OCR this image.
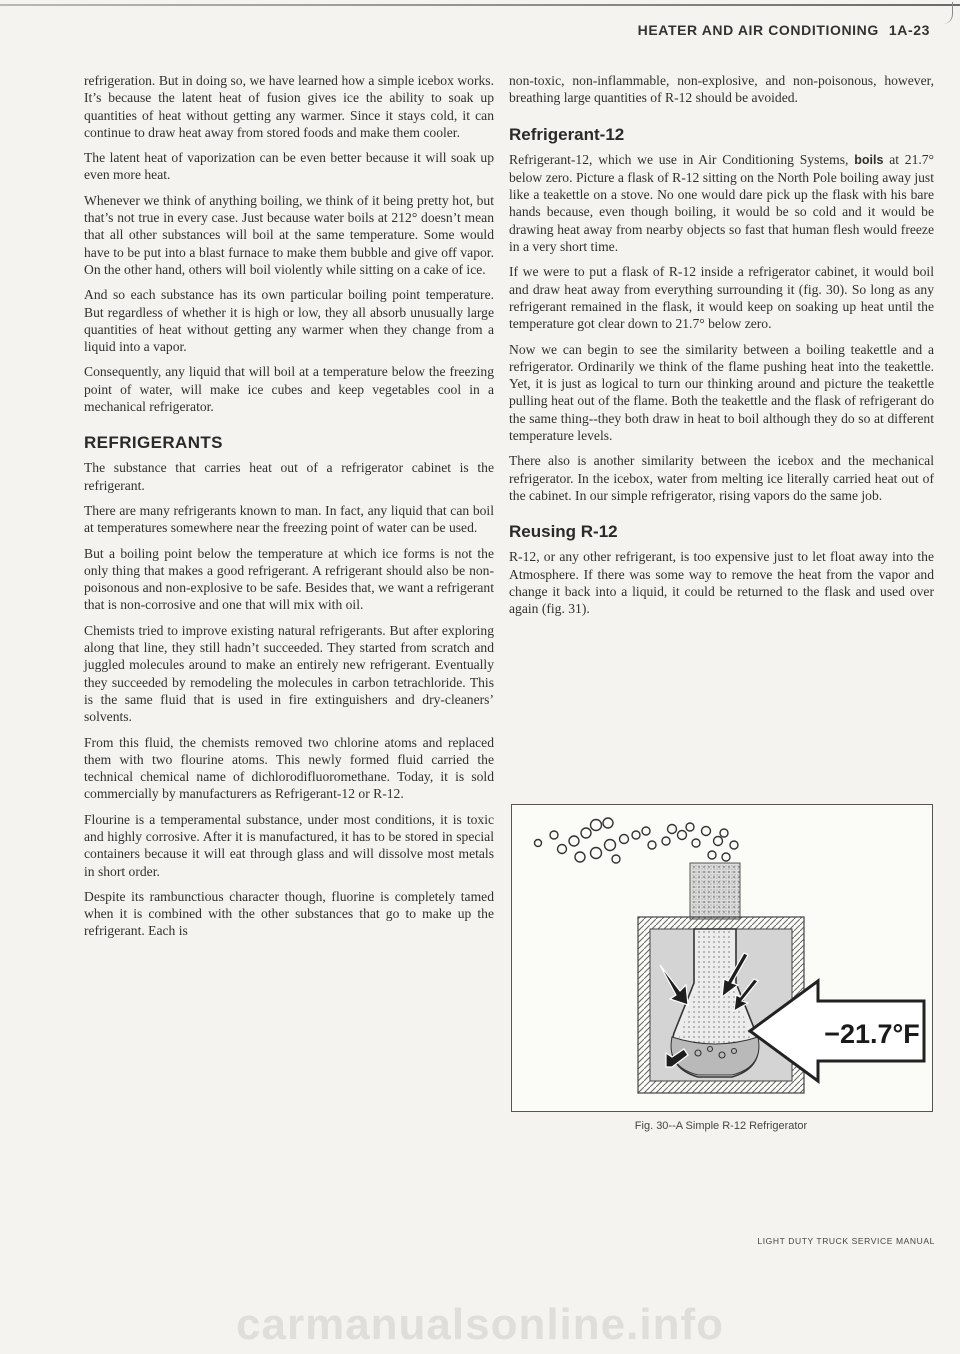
HEATER AND AIR CONDITIONING 1A-23

refrigeration. But in doing so, we have learned how a simple icebox works. It’s because the latent heat of fusion gives ice the ability to soak up quantities of heat without getting any warmer. Since it stays cold, it can continue to draw heat away from stored foods and make them cooler.

The latent heat of vaporization can be even better because it will soak up even more heat.

Whenever we think of anything boiling, we think of it being pretty hot, but that’s not true in every case. Just because water boils at 212° doesn’t mean that all other substances will boil at the same temperature. Some would have to be put into a blast furnace to make them bubble and give off vapor. On the other hand, others will boil violently while sitting on a cake of ice.

And so each substance has its own particular boiling point temperature. But regardless of whether it is high or low, they all absorb unusually large quantities of heat without getting any warmer when they change from a liquid into a vapor.

Consequently, any liquid that will boil at a temperature below the freezing point of water, will make ice cubes and keep vegetables cool in a mechanical refrigerator.

REFRIGERANTS

The substance that carries heat out of a refrigerator cabinet is the refrigerant.

There are many refrigerants known to man. In fact, any liquid that can boil at temperatures somewhere near the freezing point of water can be used.

But a boiling point below the temperature at which ice forms is not the only thing that makes a good refrigerant. A refrigerant should also be non-poisonous and non-explosive to be safe. Besides that, we want a refrigerant that is non-corrosive and one that will mix with oil.

Chemists tried to improve existing natural refrigerants. But after exploring along that line, they still hadn’t succeeded. They started from scratch and juggled molecules around to make an entirely new refrigerant. Eventually they succeeded by remodeling the molecules in carbon tetrachloride. This is the same fluid that is used in fire extinguishers and dry-cleaners’ solvents.

From this fluid, the chemists removed two chlorine atoms and replaced them with two flourine atoms. This newly formed fluid carried the technical chemical name of dichlorodifluoromethane. Today, it is sold commercially by manufacturers as Refrigerant-12 or R-12.

Flourine is a temperamental substance, under most conditions, it is toxic and highly corrosive. After it is manufactured, it has to be stored in special containers because it will eat through glass and will dissolve most metals in short order.

Despite its rambunctious character though, fluorine is completely tamed when it is combined with the other substances that go to make up the refrigerant. Each is

non-toxic, non-inflammable, non-explosive, and non-poisonous, however, breathing large quantities of R-12 should be avoided.

Refrigerant-12

Refrigerant-12, which we use in Air Conditioning Systems, boils at 21.7° below zero. Picture a flask of R-12 sitting on the North Pole boiling away just like a teakettle on a stove. No one would dare pick up the flask with his bare hands because, even though boiling, it would be so cold and it would be drawing heat away from nearby objects so fast that human flesh would freeze in a very short time.

If we were to put a flask of R-12 inside a refrigerator cabinet, it would boil and draw heat away from everything surrounding it (fig. 30). So long as any refrigerant remained in the flask, it would keep on soaking up heat until the temperature got clear down to 21.7° below zero.

Now we can begin to see the similarity between a boiling teakettle and a refrigerator. Ordinarily we think of the flame pushing heat into the teakettle. Yet, it is just as logical to turn our thinking around and picture the teakettle pulling heat out of the flame. Both the teakettle and the flask of refrigerant do the same thing--they both draw in heat to boil although they do so at different temperature levels.

There also is another similarity between the icebox and the mechanical refrigerator. In the icebox, water from melting ice literally carried heat out of the cabinet. In our simple refrigerator, rising vapors do the same job.

Reusing R-12

R-12, or any other refrigerant, is too expensive just to let float away into the Atmosphere. If there was some way to remove the heat from the vapor and change it back into a liquid, it could be returned to the flask and used over again (fig. 31).

−21.7°F
Fig. 30--A Simple R-12 Refrigerator
LIGHT DUTY TRUCK SERVICE MANUAL
carmanualsonline.info
